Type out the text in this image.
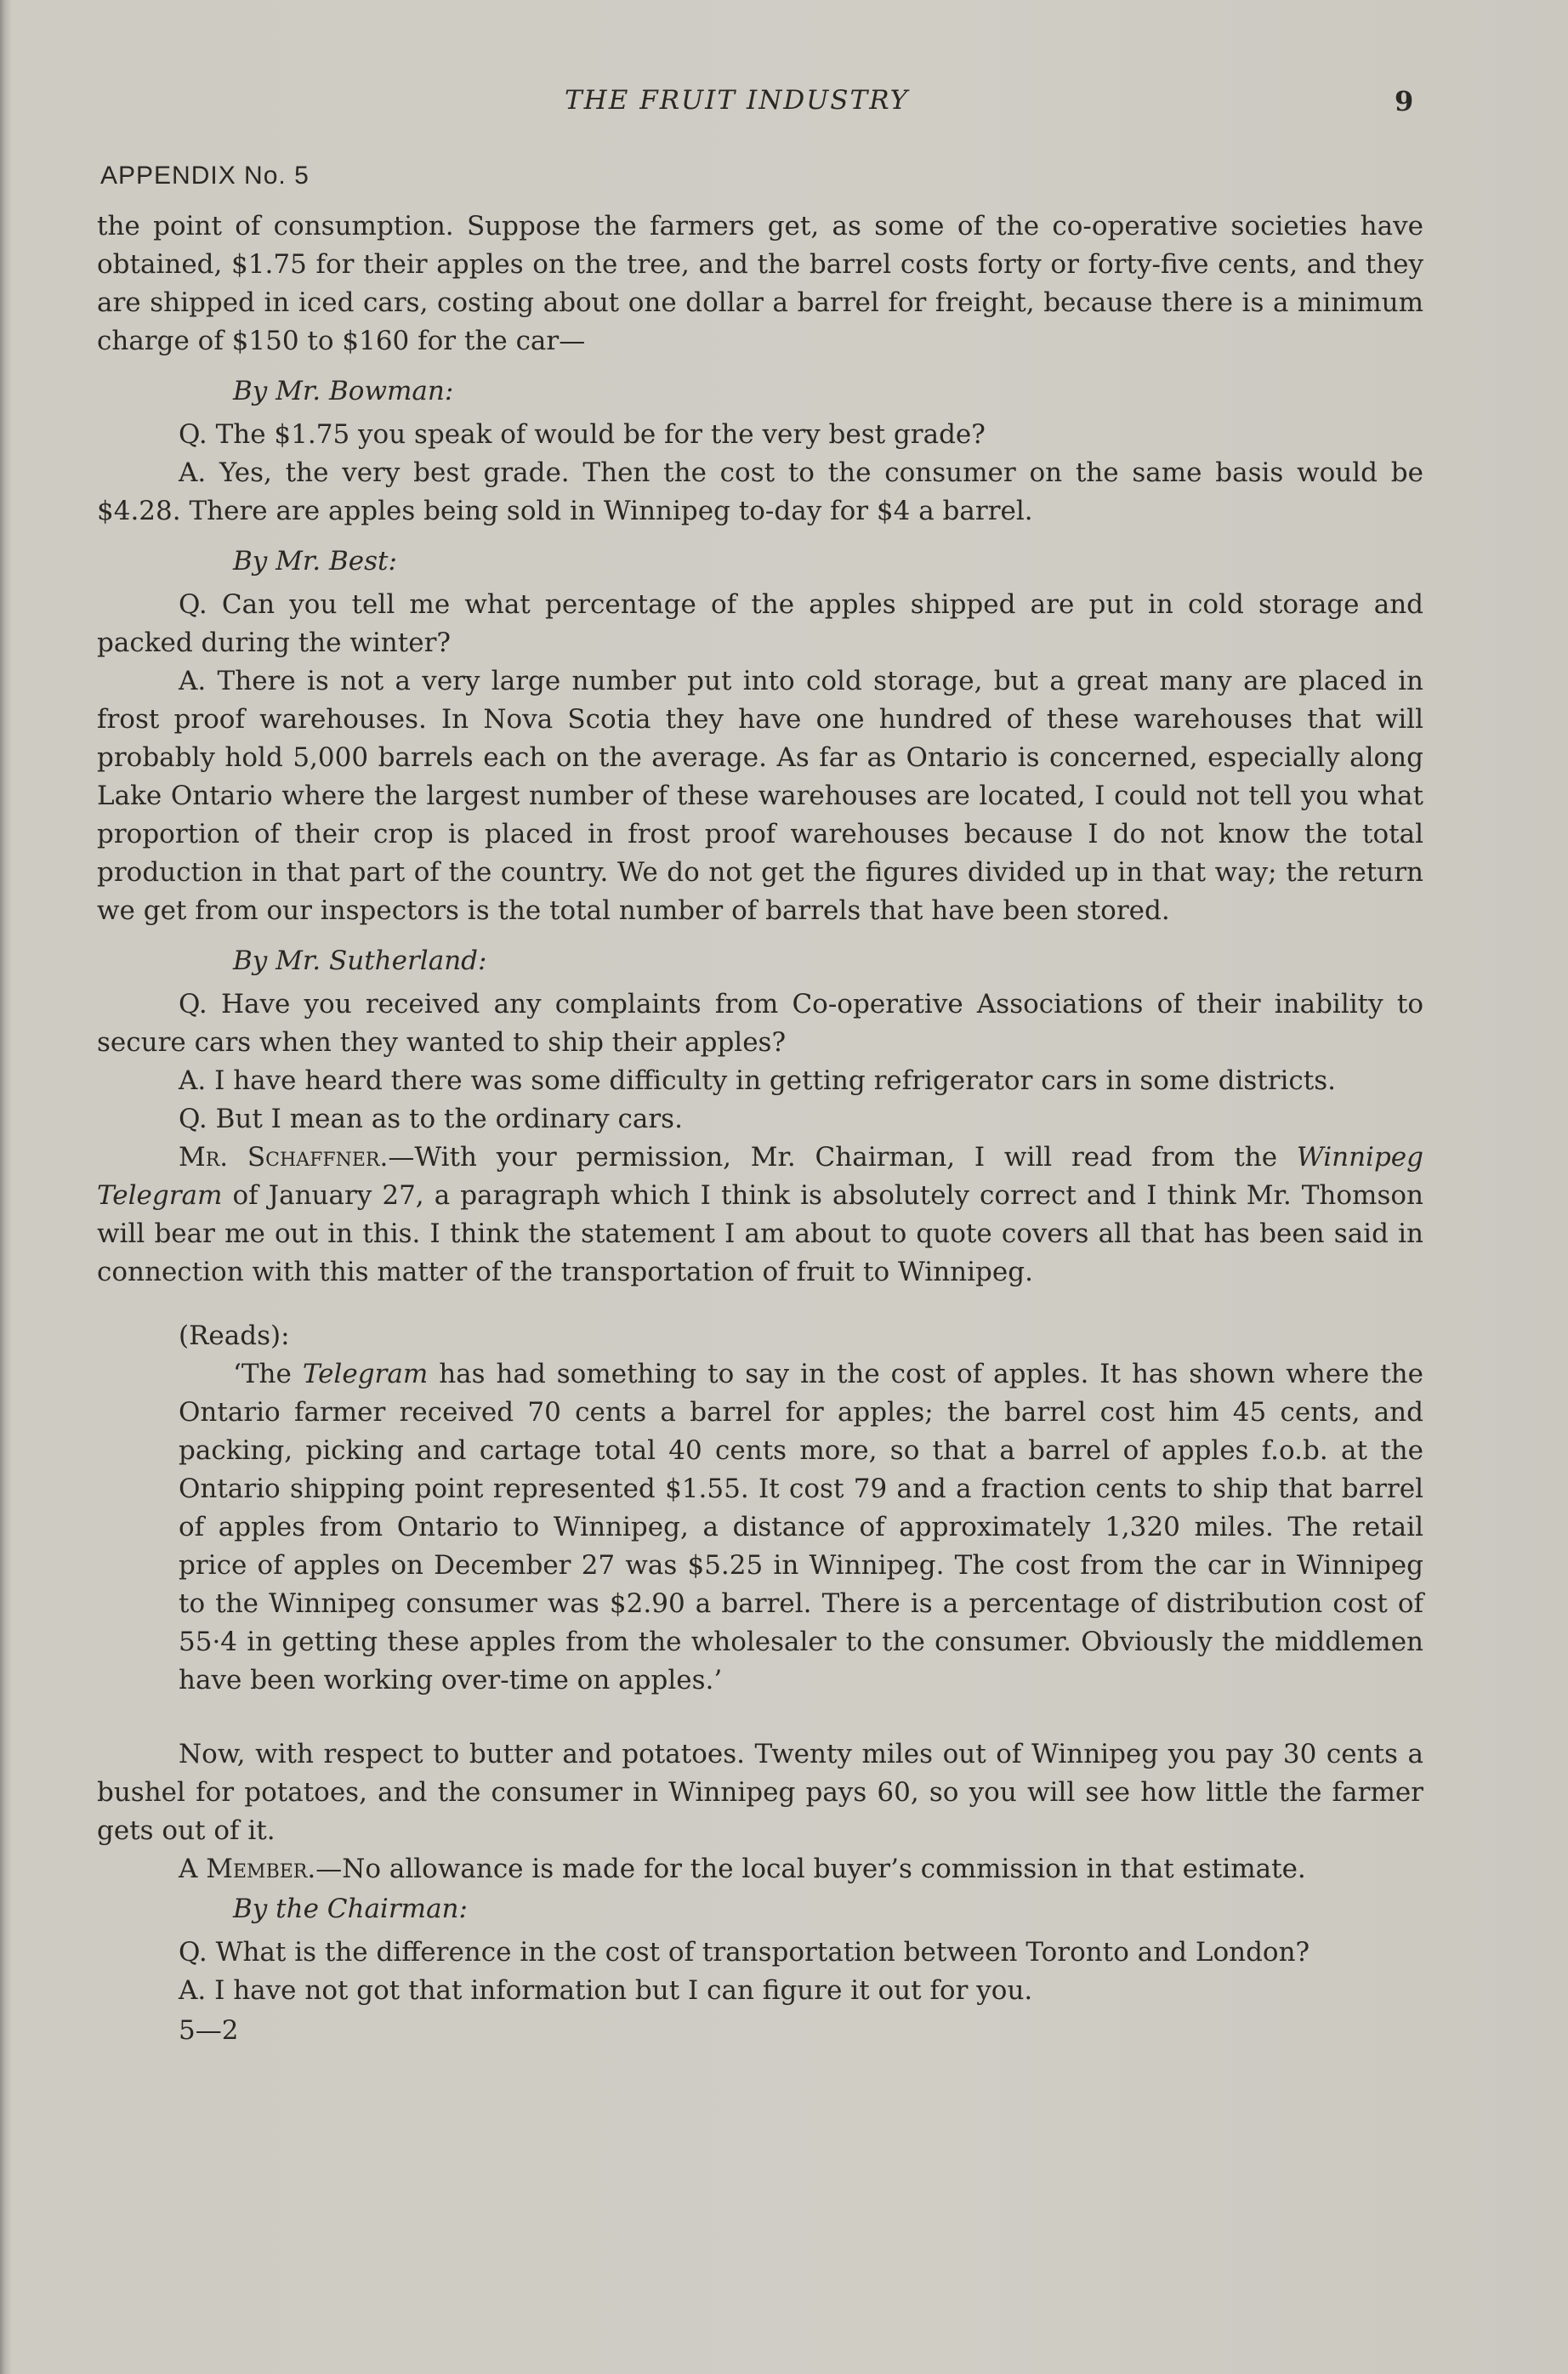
THE FRUIT INDUSTRY	9
APPENDIX No. 5

the point of consumption. Suppose the farmers get, as some of the co-operative societies have obtained, $1.75 for their apples on the tree, and the barrel costs forty or forty-five cents, and they are shipped in iced cars, costing about one dollar a barrel for freight, because there is a minimum charge of $150 to $160 for the car—

By Mr. Bowman:

Q. The $1.75 you speak of would be for the very best grade?

A. Yes, the very best grade. Then the cost to the consumer on the same basis would be $4.28. There are apples being sold in Winnipeg to-day for $4 a barrel.

By Mr. Best:

Q. Can you tell me what percentage of the apples shipped are put in cold storage and packed during the winter?

A. There is not a very large number put into cold storage, but a great many are placed in frost proof warehouses. In Nova Scotia they have one hundred of these warehouses that will probably hold 5,000 barrels each on the average. As far as Ontario is concerned, especially along Lake Ontario where the largest number of these warehouses are located, I could not tell you what proportion of their crop is placed in frost proof warehouses because I do not know the total production in that part of the country. We do not get the figures divided up in that way; the return we get from our inspectors is the total number of barrels that have been stored.

By Mr. Sutherland:

Q. Have you received any complaints from Co-operative Associations of their inability to secure cars when they wanted to ship their apples?

A. I have heard there was some difficulty in getting refrigerator cars in some districts.

Q. But I mean as to the ordinary cars.

Mr. Schaffner.—With your permission, Mr. Chairman, I will read from the Winnipeg Telegram of January 27, a paragraph which I think is absolutely correct and I think Mr. Thomson will bear me out in this. I think the statement I am about to quote covers all that has been said in connection with this matter of the transportation of fruit to Winnipeg.

(Reads):

‘The Telegram has had something to say in the cost of apples. It has shown where the Ontario farmer received 70 cents a barrel for apples; the barrel cost him 45 cents, and packing, picking and cartage total 40 cents more, so that a barrel of apples f.o.b. at the Ontario shipping point represented $1.55. It cost 79 and a fraction cents to ship that barrel of apples from Ontario to Winnipeg, a distance of approximately 1,320 miles. The retail price of apples on December 27 was $5.25 in Winnipeg. The cost from the car in Winnipeg to the Winnipeg consumer was $2.90 a barrel. There is a percentage of distribution cost of 55·4 in getting these apples from the wholesaler to the consumer. Obviously the middlemen have been working over-time on apples.’

Now, with respect to butter and potatoes. Twenty miles out of Winnipeg you pay 30 cents a bushel for potatoes, and the consumer in Winnipeg pays 60, so you will see how little the farmer gets out of it.

A Member.—No allowance is made for the local buyer’s commission in that estimate.

By the Chairman:

Q. What is the difference in the cost of transportation between Toronto and London?

A. I have not got that information but I can figure it out for you.

5—2
